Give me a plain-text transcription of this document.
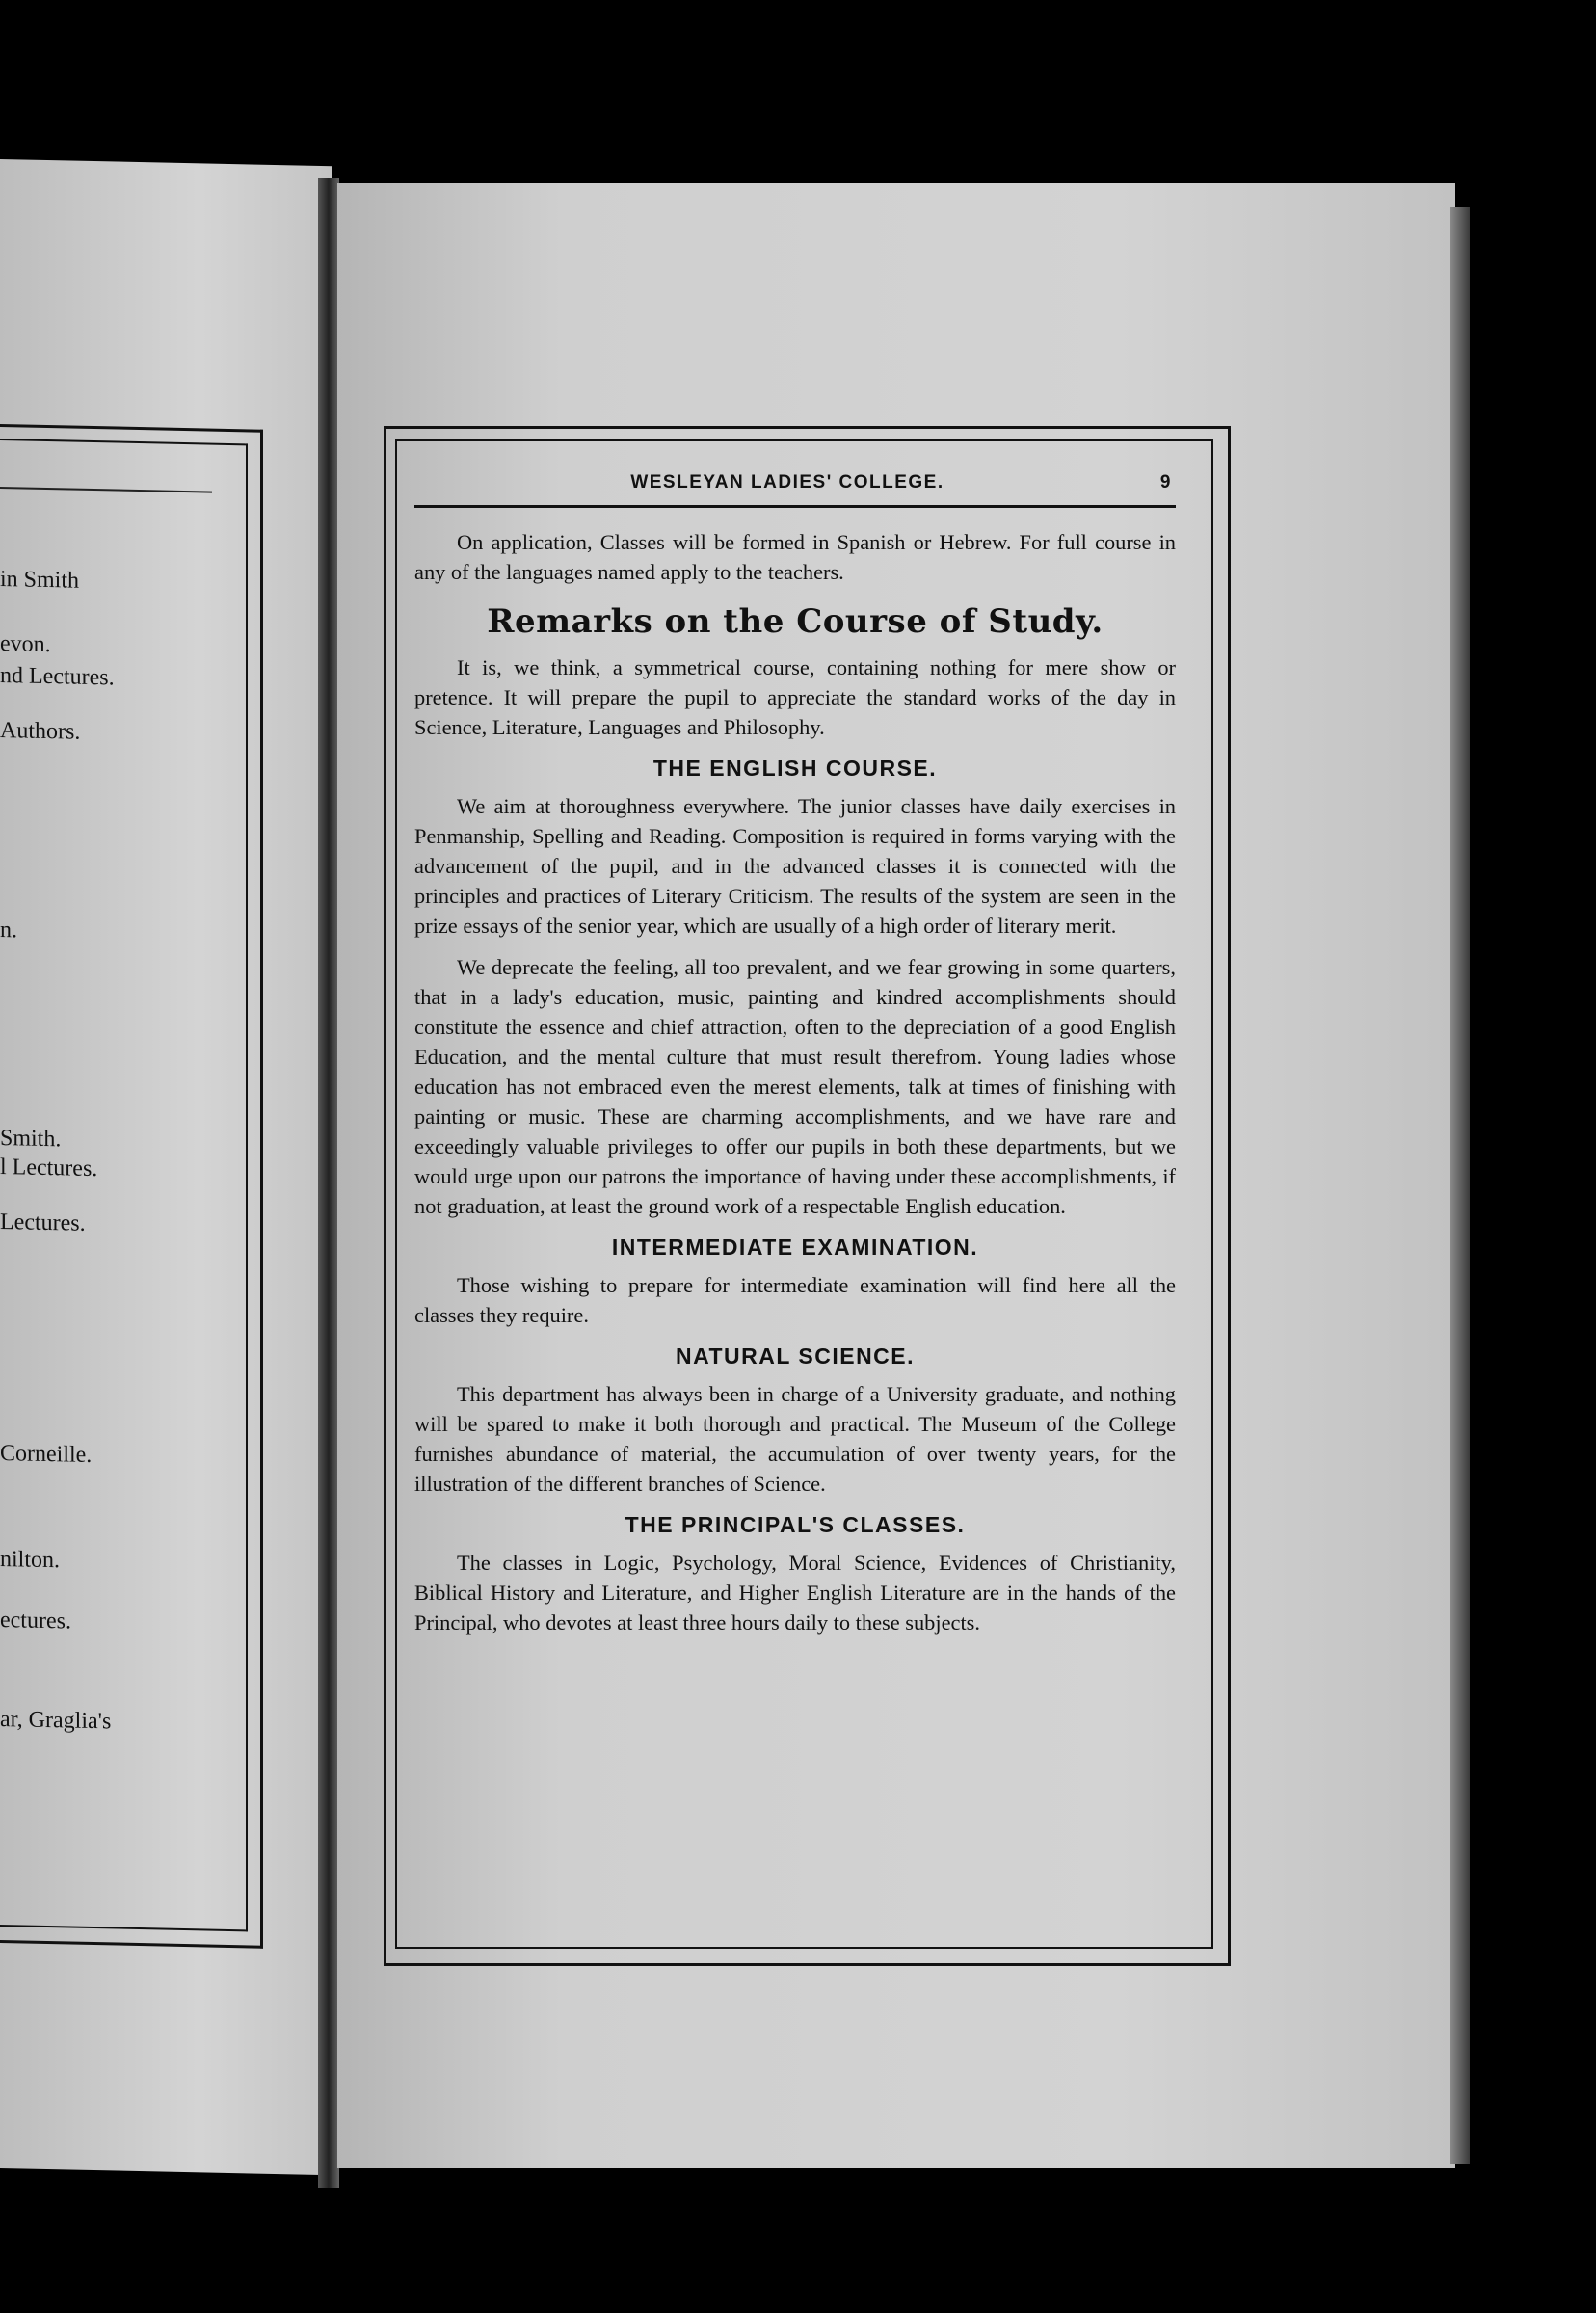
in Smith
evon.
nd Lectures.
Authors.
n.
Smith.
l Lectures.
Lectures.
Corneille.
nilton.
ectures.
ar, Graglia's
WESLEYAN LADIES' COLLEGE.	9

On application, Classes will be formed in Spanish or Hebrew. For full course in any of the languages named apply to the teachers.

Remarks on the Course of Study.

It is, we think, a symmetrical course, containing nothing for mere show or pretence. It will prepare the pupil to appreciate the standard works of the day in Science, Literature, Languages and Philosophy.

THE ENGLISH COURSE.

We aim at thoroughness everywhere. The junior classes have daily exercises in Penmanship, Spelling and Reading. Composition is required in forms varying with the advancement of the pupil, and in the advanced classes it is connected with the principles and practices of Literary Criticism. The results of the system are seen in the prize essays of the senior year, which are usually of a high order of literary merit.

We deprecate the feeling, all too prevalent, and we fear growing in some quarters, that in a lady's education, music, painting and kindred accomplishments should constitute the essence and chief attraction, often to the depreciation of a good English Education, and the mental culture that must result therefrom. Young ladies whose education has not embraced even the merest elements, talk at times of finishing with painting or music. These are charming accomplishments, and we have rare and exceedingly valuable privileges to offer our pupils in both these departments, but we would urge upon our patrons the importance of having under these accomplishments, if not graduation, at least the ground work of a respectable English education.

INTERMEDIATE EXAMINATION.

Those wishing to prepare for intermediate examination will find here all the classes they require.

NATURAL SCIENCE.

This department has always been in charge of a University graduate, and nothing will be spared to make it both thorough and practical. The Museum of the College furnishes abundance of material, the accumulation of over twenty years, for the illustration of the different branches of Science.

THE PRINCIPAL'S CLASSES.

The classes in Logic, Psychology, Moral Science, Evidences of Christianity, Biblical History and Literature, and Higher English Literature are in the hands of the Principal, who devotes at least three hours daily to these subjects.
